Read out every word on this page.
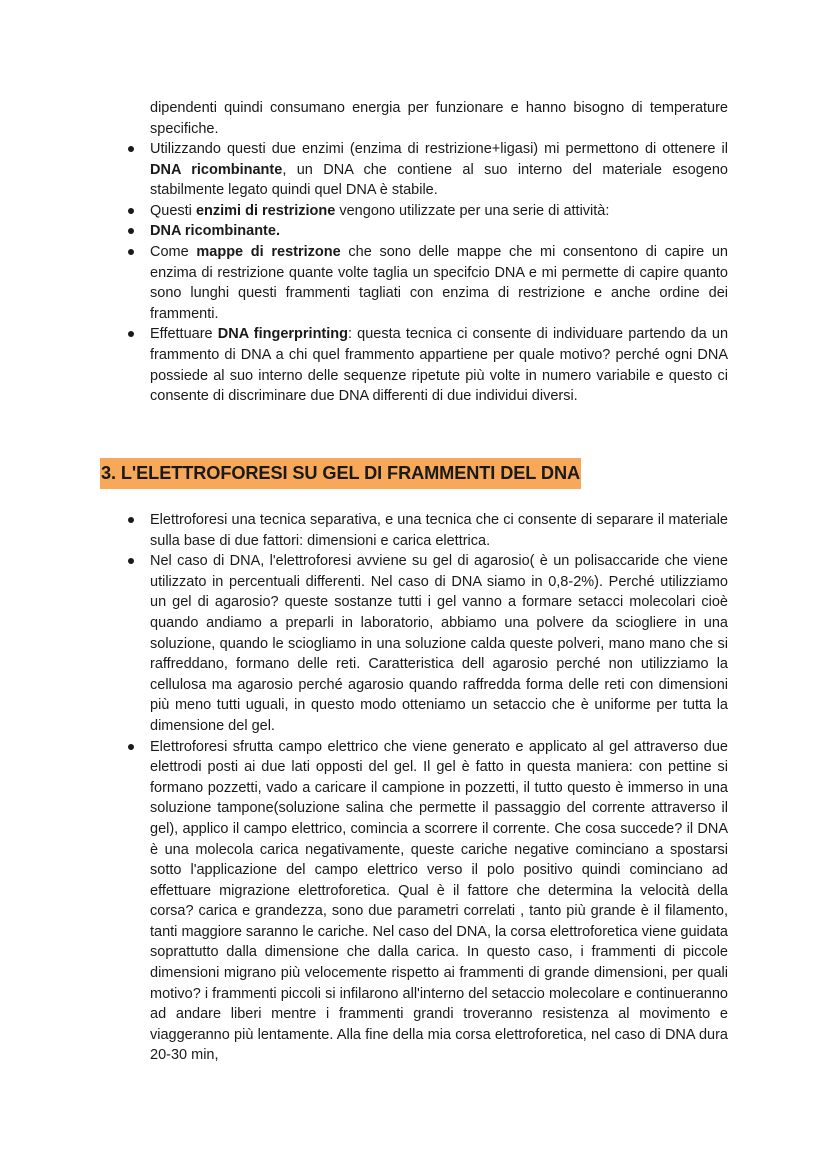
dipendenti quindi consumano energia per funzionare e hanno bisogno di temperature specifiche.

Utilizzando questi due enzimi (enzima di restrizione+ligasi) mi permettono di ottenere il DNA ricombinante, un DNA che contiene al suo interno del materiale esogeno stabilmente legato quindi quel DNA è stabile.
Questi enzimi di restrizione vengono utilizzate per una serie di attività:
DNA ricombinante.
Come mappe di restrizone che sono delle mappe che mi consentono di capire un enzima di restrizione quante volte taglia un specifcio DNA e mi permette di capire quanto sono lunghi questi frammenti tagliati con enzima di restrizione e anche ordine dei frammenti.
Effettuare DNA fingerprinting: questa tecnica ci consente di individuare partendo da un frammento di DNA a chi quel frammento appartiene per quale motivo? perché ogni DNA possiede al suo interno delle sequenze ripetute più volte in numero variabile e questo ci consente di discriminare due DNA differenti di due individui diversi.
3. L'ELETTROFORESI SU GEL DI FRAMMENTI DEL DNA
Elettroforesi una tecnica separativa, e una tecnica che ci consente di separare il materiale sulla base di due fattori: dimensioni e carica elettrica.
Nel caso di DNA, l'elettroforesi avviene su gel di agarosio( è un polisaccaride che viene utilizzato in percentuali differenti. Nel caso di DNA siamo in 0,8-2%). Perché utilizziamo un gel di agarosio? queste sostanze tutti i gel vanno a formare setacci molecolari cioè quando andiamo a preparli in laboratorio, abbiamo una polvere da sciogliere in una soluzione, quando le sciogliamo in una soluzione calda queste polveri, mano mano che si raffreddano, formano delle reti. Caratteristica dell agarosio perché non utilizziamo la cellulosa ma agarosio perché agarosio quando raffredda forma delle reti con dimensioni più meno tutti uguali, in questo modo otteniamo un setaccio che è uniforme per tutta la dimensione del gel.
Elettroforesi sfrutta campo elettrico che viene generato e applicato al gel attraverso due elettrodi posti ai due lati opposti del gel. Il gel è fatto in questa maniera: con pettine si formano pozzetti, vado a caricare il campione in pozzetti, il tutto questo è immerso in una soluzione tampone(soluzione salina che permette il passaggio del corrente attraverso il gel), applico il campo elettrico, comincia a scorrere il corrente. Che cosa succede? il DNA è una molecola carica negativamente, queste cariche negative cominciano a spostarsi sotto l'applicazione del campo elettrico verso il polo positivo quindi cominciano ad effettuare migrazione elettroforetica. Qual è il fattore che determina la velocità della corsa? carica e grandezza, sono due parametri correlati , tanto più grande è il filamento, tanti maggiore saranno le cariche. Nel caso del DNA, la corsa elettroforetica viene guidata soprattutto dalla dimensione che dalla carica. In questo caso, i frammenti di piccole dimensioni migrano più velocemente rispetto ai frammenti di grande dimensioni, per quali motivo? i frammenti piccoli si infilarono all'interno del setaccio molecolare e continueranno ad andare liberi mentre i frammenti grandi troveranno resistenza al movimento e viaggeranno più lentamente. Alla fine della mia corsa elettroforetica, nel caso di DNA dura 20-30 min,
